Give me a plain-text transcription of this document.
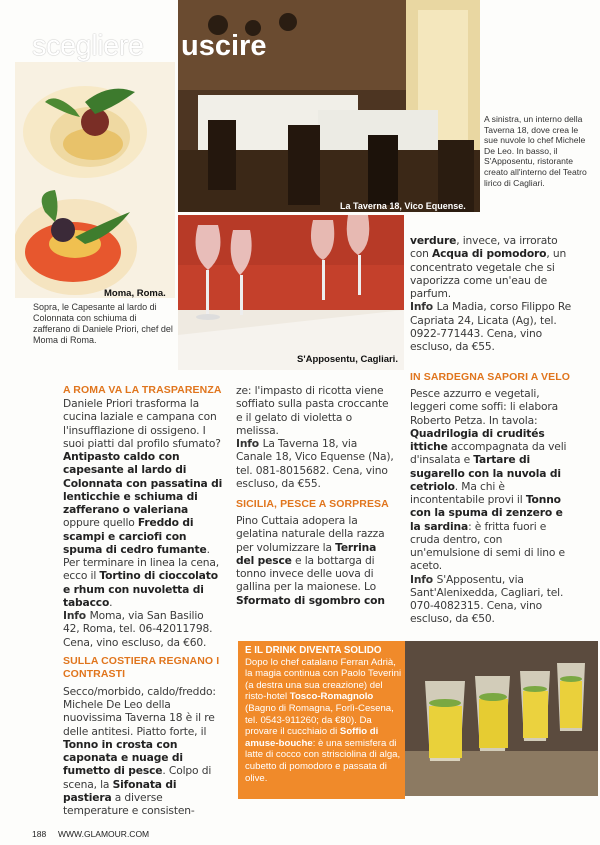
La Taverna 18, Vico Equense.
A sinistra, un interno della Taverna 18, dove crea le sue nuvole lo chef Michele De Leo. In basso, il S'Apposentu, ristorante creato all'interno del Teatro lirico di Cagliari.
S'Apposentu, Cagliari.
Moma, Roma.
Sopra, le Capesante al lardo di Colonnata con schiuma di zafferano di Daniele Priori, chef del Moma di Roma.
scegliere uscire

verdure, invece, va irrorato con Acqua di pomodoro, un concentrato vegetale che si vaporizza come un'eau de parfum.

Info La Madia, corso Filippo Re Capriata 24, Licata (Ag), tel. 0922-771443. Cena, vino escluso, da €55.

A ROMA VA LA TRASPARENZA

Daniele Priori trasforma la cucina laziale e campana con l'insufflazione di ossigeno. I suoi piatti dal profilo sfumato? Antipasto caldo con capesante al lardo di Colonnata con passatina di lenticchie e schiuma di zafferano o valeriana oppure quello Freddo di scampi e carciofi con spuma di cedro fumante. Per terminare in linea la cena, ecco il Tortino di cioccolato e rhum con nuvoletta di tabacco.

Info Moma, via San Basilio 42, Roma, tel. 06-42011798. Cena, vino escluso, da €60.

SULLA COSTIERA REGNANO I CONTRASTI

Secco/morbido, caldo/freddo: Michele De Leo della nuovissima Taverna 18 è il re delle antitesi. Piatto forte, il Tonno in crosta con caponata e nuage di fumetto di pesce. Colpo di scena, la Sifonata di pastiera a diverse temperature e consisten-

ze: l'impasto di ricotta viene soffiato sulla pasta croccante e il gelato di violetta o melissa.

Info La Taverna 18, via Canale 18, Vico Equense (Na), tel. 081-8015682. Cena, vino escluso, da €55.

SICILIA, PESCE A SORPRESA

Pino Cuttaia adopera la gelatina naturale della razza per volumizzare la Terrina del pesce e la bottarga di tonno invece delle uova di gallina per la maionese. Lo Sformato di sgombro con

IN SARDEGNA SAPORI A VELO

Pesce azzurro e vegetali, leggeri come soffi: li elabora Roberto Petza. In tavola: Quadrilogia di crudités ittiche accompagnata da veli d'insalata e Tartare di sugarello con la nuvola di cetriolo. Ma chi è incontentabile provi il Tonno con la spuma di zenzero e la sardina: è fritta fuori e cruda dentro, con un'emulsione di semi di lino e aceto.

Info S'Apposentu, via Sant'Alenixedda, Cagliari, tel. 070-4082315. Cena, vino escluso, da €50.

E IL DRINK DIVENTA SOLIDO
Dopo lo chef catalano Ferran Adrià, la magia continua con Paolo Teverini (a destra una sua creazione) del risto-hotel Tosco-Romagnolo (Bagno di Romagna, Forlì-Cesena, tel. 0543-911260; da €80). Da provare il cucchiaio di Soffio di amuse-bouche: è una semisfera di latte di cocco con strisciolina di alga, cubetto di pomodoro e passata di olive.
188 WWW.GLAMOUR.COM
